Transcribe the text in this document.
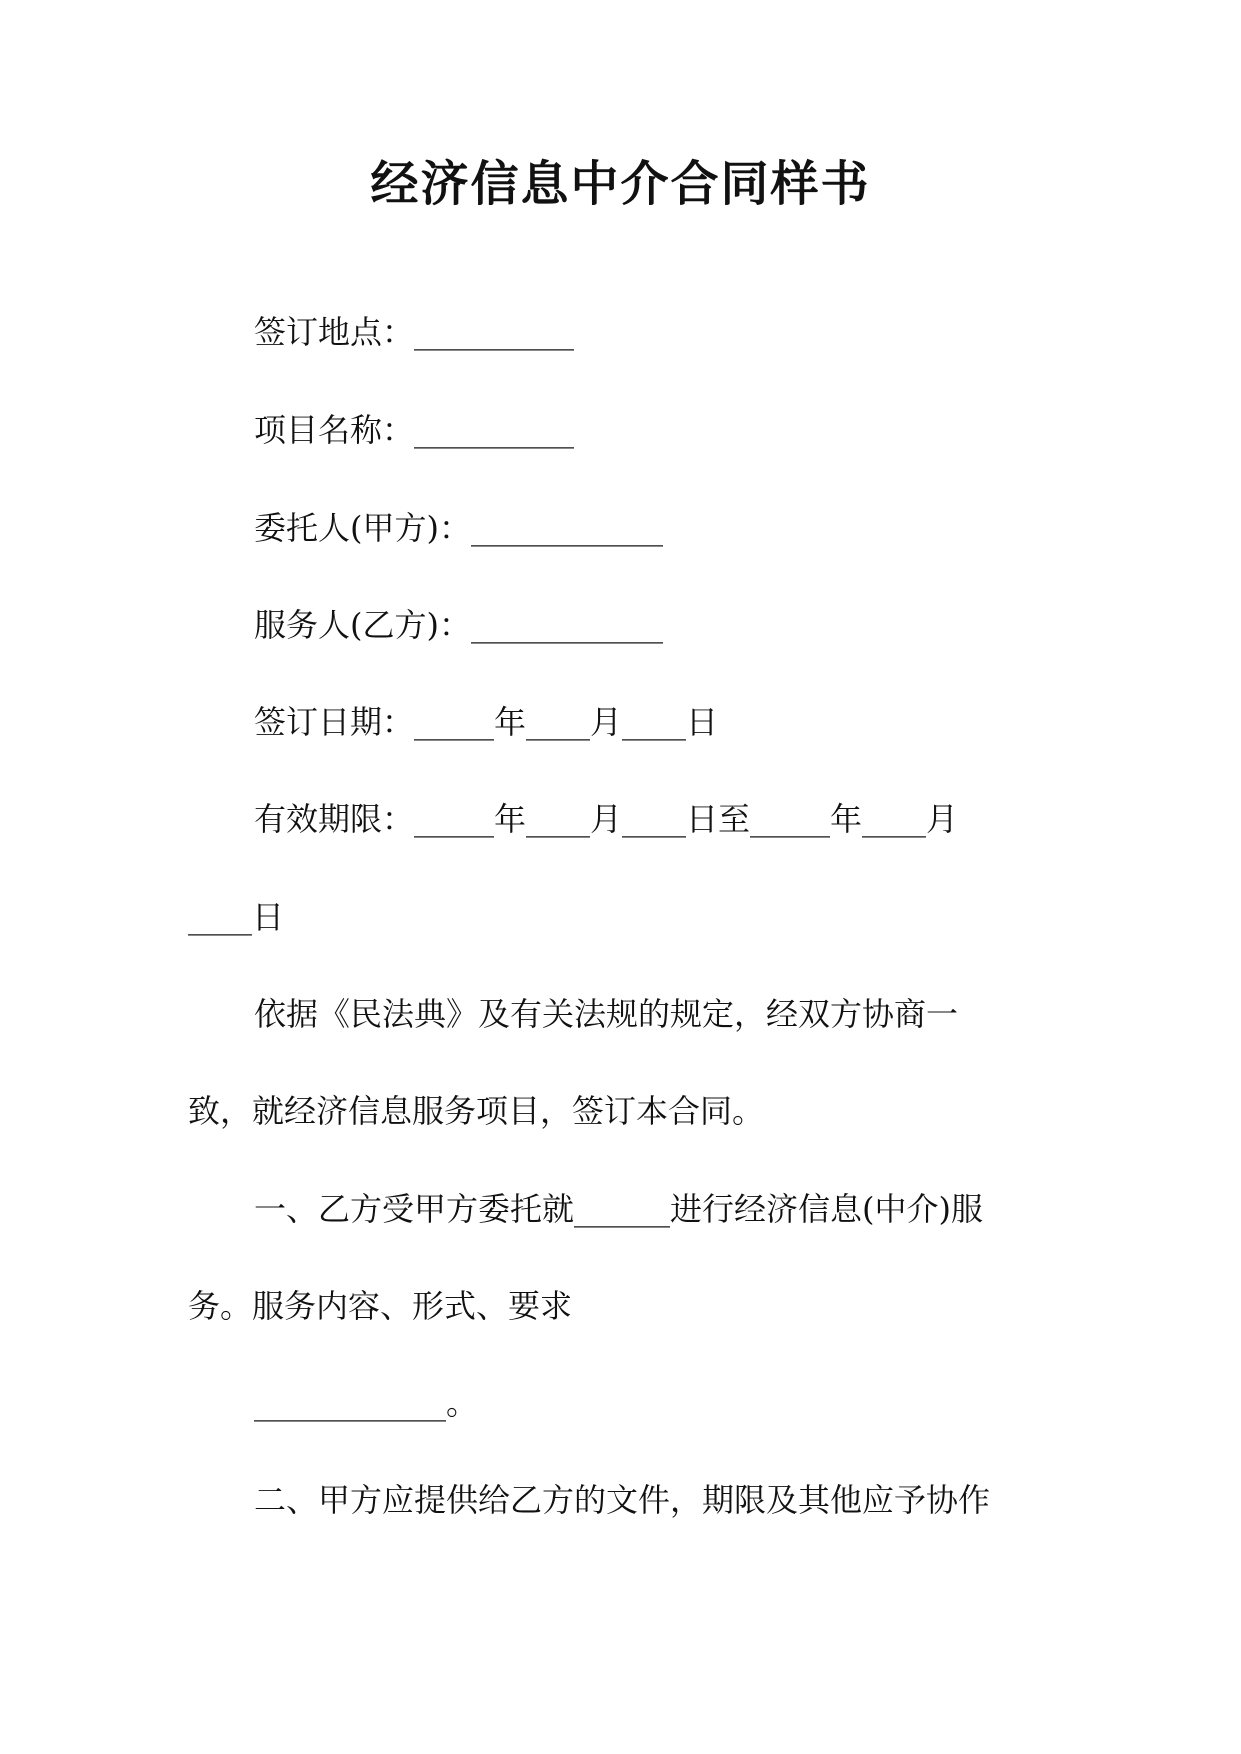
经济信息中介合同样书
签订地点：__________
项目名称：__________
委托人(甲方)：____________
服务人(乙方)：____________
签订日期：_____年____月____日
有效期限：_____年____月____日至_____年____月
____日
依据《民法典》及有关法规的规定，经双方协商一
致，就经济信息服务项目，签订本合同。
一、乙方受甲方委托就______进行经济信息(中介)服
务。服务内容、形式、要求
____________。
二、甲方应提供给乙方的文件，期限及其他应予协作
